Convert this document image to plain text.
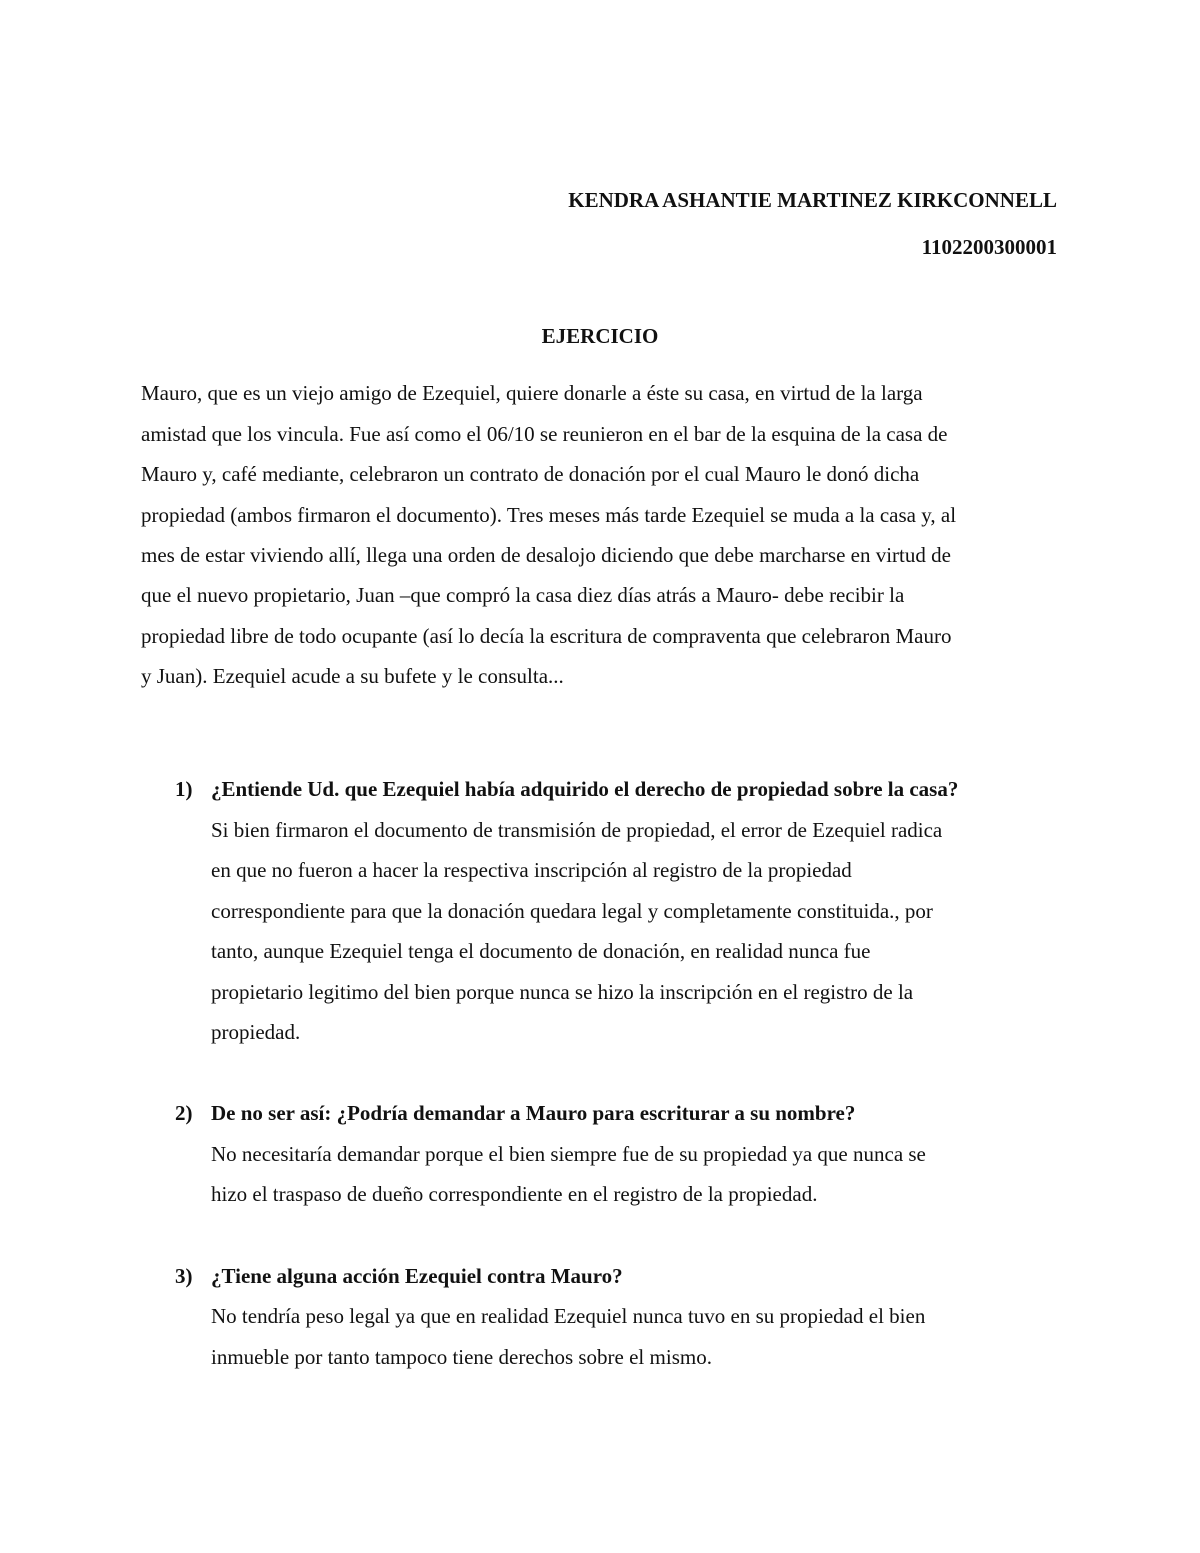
KENDRA ASHANTIE MARTINEZ KIRKCONNELL
1102200300001
EJERCICIO
Mauro, que es un viejo amigo de Ezequiel, quiere donarle a éste su casa, en virtud de la larga
amistad que los vincula. Fue así como el 06/10 se reunieron en el bar de la esquina de la casa de
Mauro y, café mediante, celebraron un contrato de donación por el cual Mauro le donó dicha
propiedad (ambos firmaron el documento). Tres meses más tarde Ezequiel se muda a la casa y, al
mes de estar viviendo allí, llega una orden de desalojo diciendo que debe marcharse en virtud de
que el nuevo propietario, Juan –que compró la casa diez días atrás a Mauro- debe recibir la
propiedad libre de todo ocupante (así lo decía la escritura de compraventa que celebraron Mauro
y Juan). Ezequiel acude a su bufete y le consulta...
1) ¿Entiende Ud. que Ezequiel había adquirido el derecho de propiedad sobre la casa?
Si bien firmaron el documento de transmisión de propiedad, el error de Ezequiel radica
en que no fueron a hacer la respectiva inscripción al registro de la propiedad
correspondiente para que la donación quedara legal y completamente constituida., por
tanto, aunque Ezequiel tenga el documento de donación, en realidad nunca fue
propietario legitimo del bien porque nunca se hizo la inscripción en el registro de la
propiedad.
2) De no ser así: ¿Podría demandar a Mauro para escriturar a su nombre?
No necesitaría demandar porque el bien siempre fue de su propiedad ya que nunca se
hizo el traspaso de dueño correspondiente en el registro de la propiedad.
3) ¿Tiene alguna acción Ezequiel contra Mauro?
No tendría peso legal ya que en realidad Ezequiel nunca tuvo en su propiedad el bien
inmueble por tanto tampoco tiene derechos sobre el mismo.
